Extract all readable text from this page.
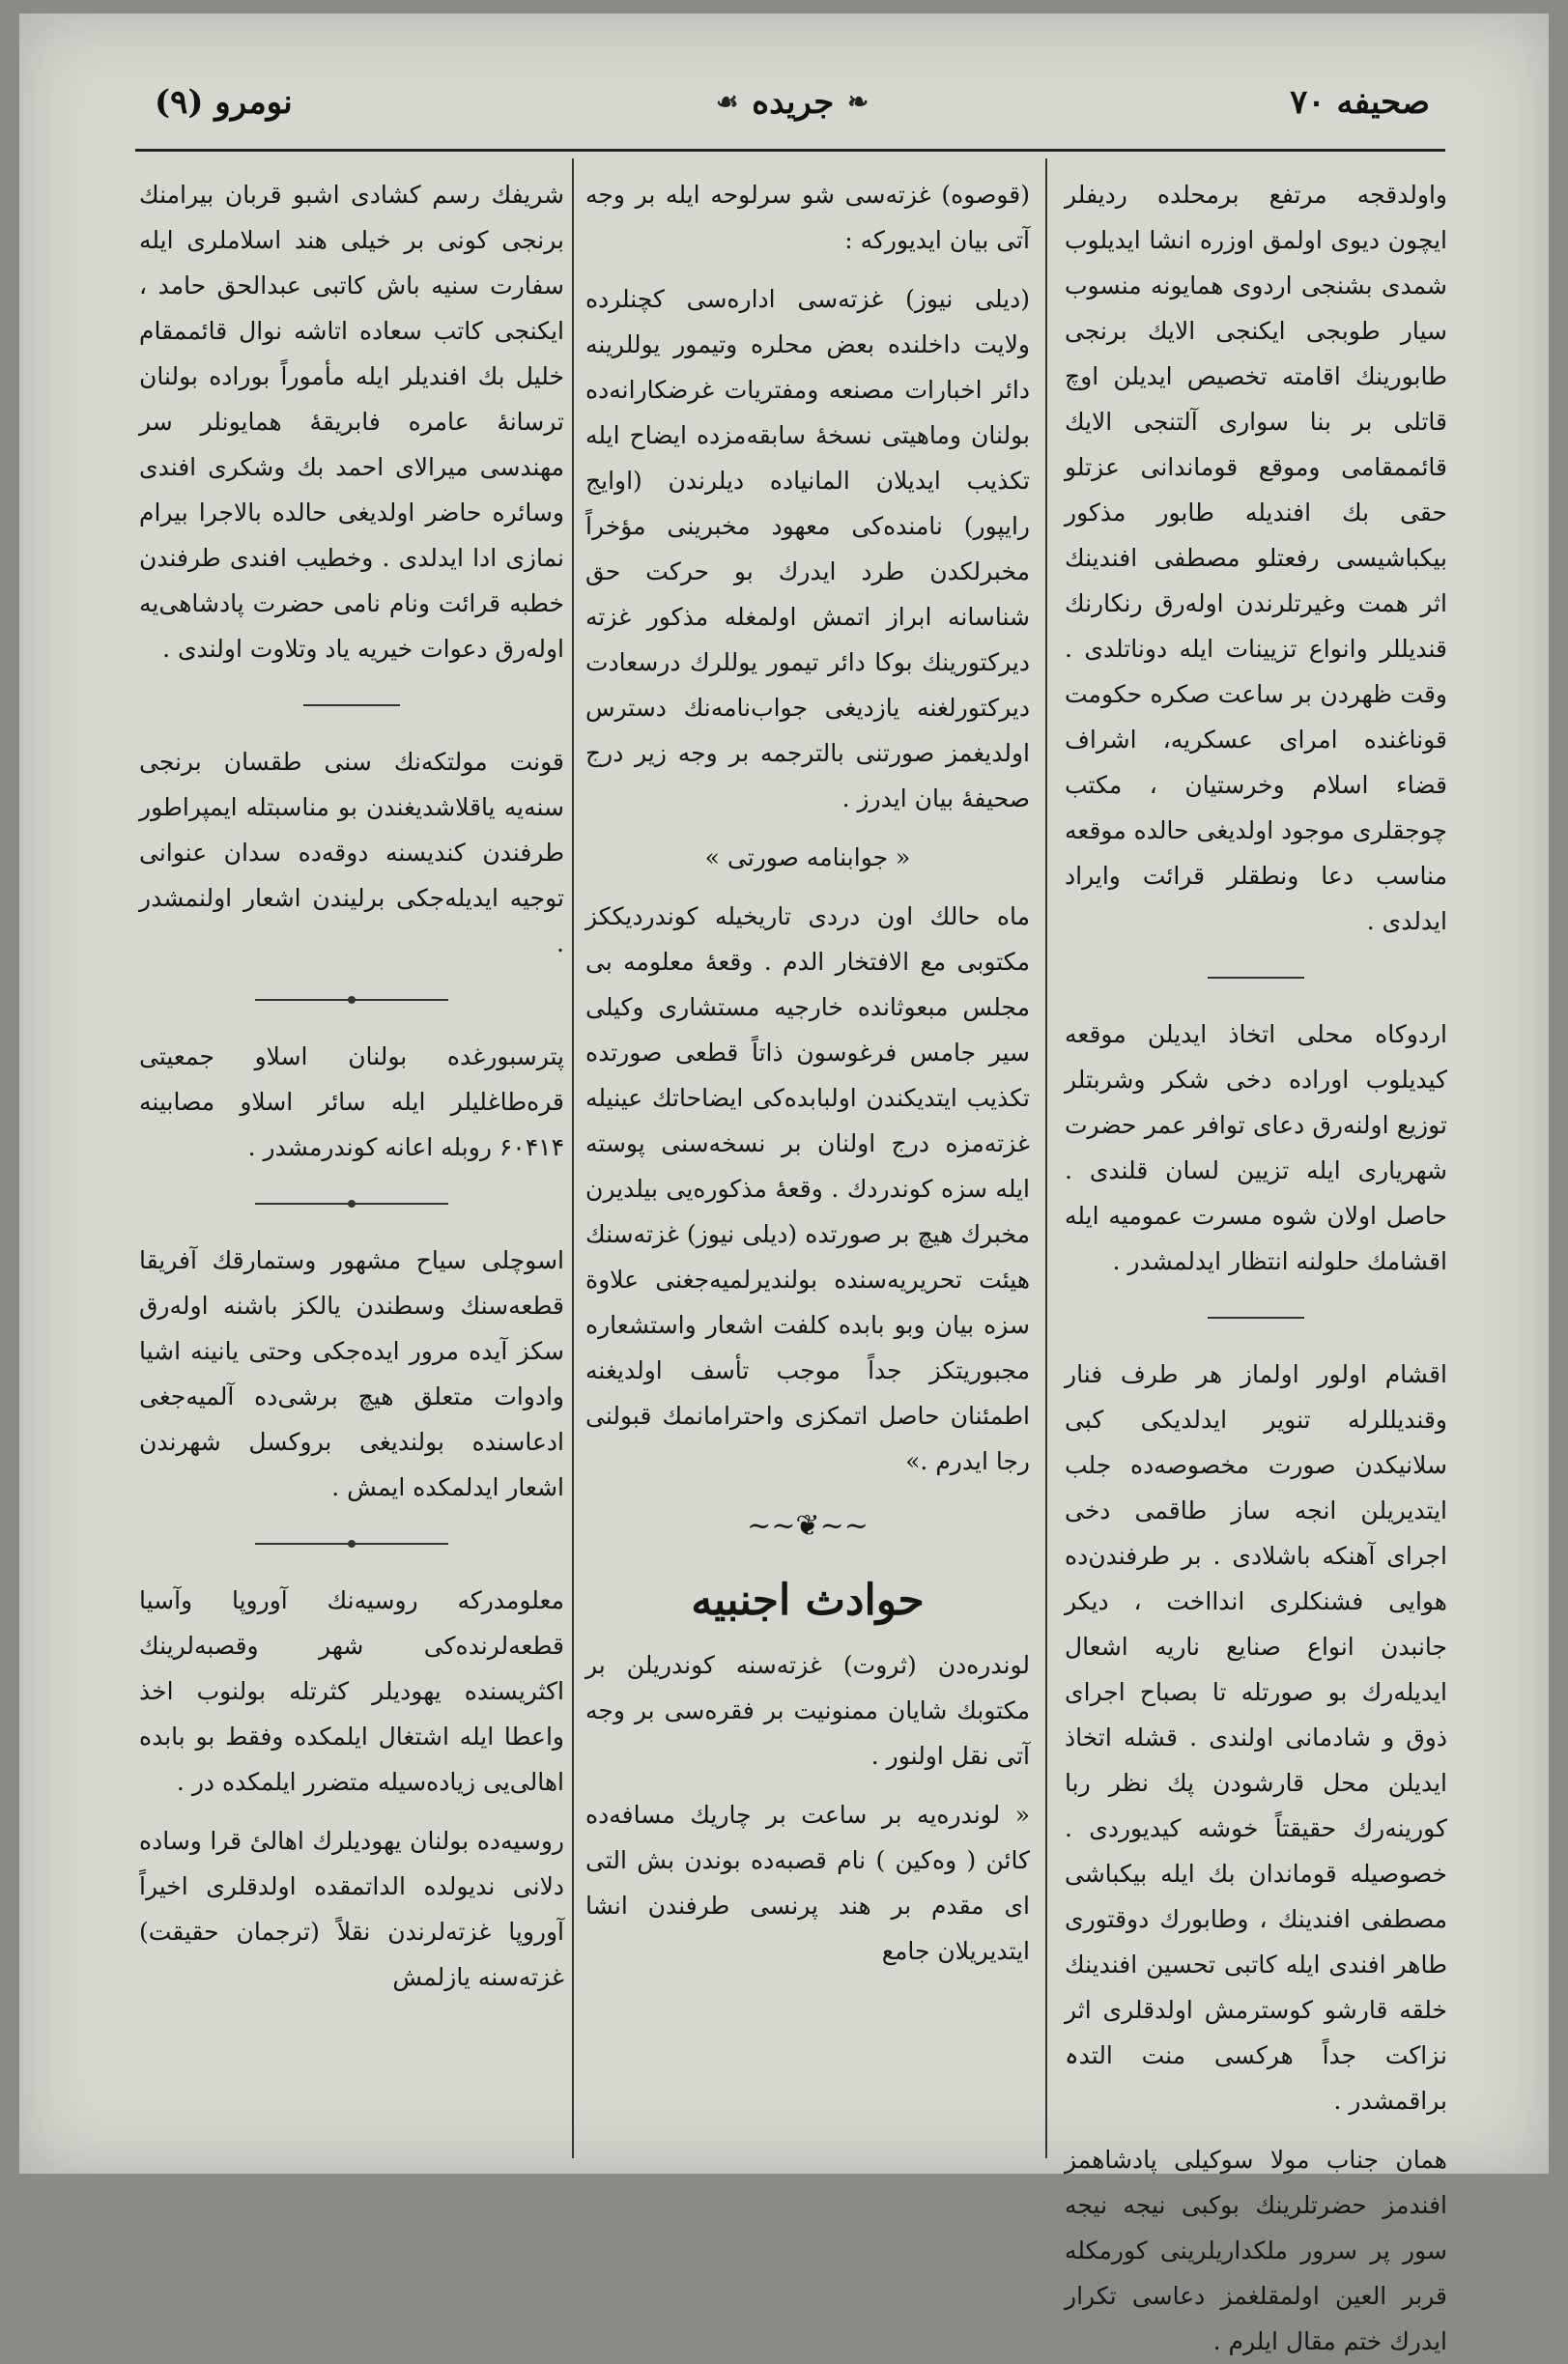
صحیفه ۷۰
❧
جریده
☙
نومرو (۹)

واولدقجه مرتفع برمحلده ردیفلر ایچون دیوی اولمق اوزره انشا ایدیلوب شمدی بشنجی اردوی همایونه منسوب سیار طوبجی ایکنجی الایك برنجی طابورینك اقامته تخصیص ایدیلن اوچ قاتلی بر بنا سواری آلتنجی الایك قائممقامی وموقع قوماندانی عزتلو حقی بك افندیله طابور مذکور بیکباشیسی رفعتلو مصطفی افندینك اثر همت وغیرتلرندن اوله‌رق رنکارنك قندیللر وانواع تزیینات ایله دوناتلدی . وقت ظهردن بر ساعت صکره حکومت قوناغنده امرای عسکریه‌، اشراف قضاء اسلام وخرستیان ، مکتب چوجقلری موجود اولدیغی حالده موقعه مناسب دعا ونطقلر قرائت وایراد ایدلدی .

اردوکاه محلی اتخاذ ایدیلن موقعه کیدیلوب اوراده دخی شکر وشربتلر توزیع اولنه‌رق دعای توافر عمر حضرت شهریاری ایله تزیین لسان قلندی . حاصل اولان شوه مسرت عمومیه ایله اقشامك حلولنه انتظار ایدلمشدر .

اقشام اولور اولماز هر طرف فنار وقندیللرله تنویر ایدلدیکی کبی سلانیکدن صورت مخصوصه‌ده جلب ایتدیریلن انجه ساز طاقمی دخی اجرای آهنکه باشلادی . بر طرفندن‌ده هوایی فشنکلری اندااخت ، دیکر جانبدن انواع صنایع ناریه اشعال ایدیله‌رك بو صورتله تا بصباح اجرای ذوق و شادمانی اولندی . قشله اتخاذ ایدیلن محل قارشودن پك نظر ربا کورینه‌رك حقیقتاً خوشه کیدیوردی . خصوصیله قوماندان بك ایله بیکباشی مصطفی افندینك ، وطابورك دوقتوری طاهر افندی ایله کاتبی تحسین افندینك خلقه قارشو کوسترمش اولدقلری اثر نزاکت جداً هرکسی منت التدہ براقمشدر .

همان جناب مولا سوکیلی پادشاهمز افندمز حضرتلرینك بوکبی نیجه نیجه سور پر سرور ملکداریلرینی کورمکله قربر العین اولمقلغمز دعاسی تکرار ایدرك ختم مقال ایلرم .

(قوصوه) غزته‌سی شو سرلوحه ایله بر وجه آتی بیان ایدیورکه :

(دیلی نیوز) غزته‌سی اداره‌سی کچنلرده ولایت داخلنده بعض محلره وتیمور یوللرینه دائر اخبارات مصنعه ومفتریات غرضکارانه‌ده بولنان وماهیتی نسخه‌ٔ سابقه‌مزده ایضاح ایله تکذیب ایدیلان المانیاده دیلرندن (اوایج رایپور) نامنده‌کی معهود مخبرینی مؤخراً مخبرلکدن طرد ایدرك بو حرکت حق شناسانه ابراز اتمش اولمغله مذکور غزته دیرکتورینك بوکا دائر تیمور یوللرك درسعادت دیرکتورلغنه یازدیغی جواب‌نامه‌نك دسترس اولدیغمز صورتنی بالترجمه بر وجه زیر درج صحیفه‌ٔ بیان ایدرز .

« جوابنامه صورتی »

ماه حالك اون دردی تاریخیله کوندردیککز مکتوبی مع الافتخار الدم . وقعه‌ٔ معلومه بی مجلس مبعوثانده خارجیه مستشاری وکیلی سیر جامس فرغوسون ذاتاً قطعی صورتده تکذیب ایتدیکندن اولبابده‌کی ایضاحاتك عینیله غزته‌مزه درج اولنان بر نسخه‌سنی پوسته ایله سزه کوندردك . وقعه‌ٔ مذکوره‌یی بیلدیرن مخبرك هیچ بر صورتده (دیلی نیوز) غزته‌سنك هیئت تحریریه‌سنده بولندیرلمیه‌جغنی علاوة سزه بیان وبو بابده کلفت اشعار واستشعاره مجبوریتکز جداً موجب تأسف اولدیغنه اطمئنان حاصل اتمکزی واحترامانمك قبولنی رجا ایدرم .»

~~❦~~
حوادث اجنبیه

لوندره‌دن (ثروت) غزته‌سنه کوندریلن بر مکتوبك شایان ممنونیت بر فقره‌سی بر وجه آتی نقل اولنور .

« لوندره‌یه بر ساعت بر چاریك مسافه‌ده کائن ( وه‌کین ) نام قصبه‌ده بوندن بش التی ای مقدم بر هند پرنسی طرفندن انشا ایتدیریلان جامع

شریفك رسم کشادی اشبو قربان بیرامنك برنجی کونی بر خیلی هند اسلاملری ایله سفارت سنیه باش کاتبی عبدالحق حامد ، ایکنجی کاتب سعاده اتاشه نوال قائممقام خلیل بك افندیلر ایله مأموراً بوراده بولنان ترسانه‌ٔ عامره فابریقه‌ٔ همایونلر سر مهندسی میرالای احمد بك وشکری افندی وسائره حاضر اولدیغی حالده بالاجرا بیرام نمازی ادا ایدلدی . وخطیب افندی طرفندن خطبه قرائت ونام نامی حضرت پادشاهی‌یه اوله‌رق دعوات خیریه یاد وتلاوت اولندی .

قونت مولتکه‌نك سنی طقسان برنجی سنه‌یه یاقلاشدیغندن بو مناسبتله ایمپراطور طرفندن کندیسنه دوقه‌ده سدان عنوانی توجیه ایدیله‌جکی برلیندن اشعار اولنمشدر .

پترسبورغده بولنان اسلاو جمعیتی قره‌طاغلیلر ایله سائر اسلاو مصابینه ۶۰۴۱۴ روبله اعانه کوندرمشدر .

اسوچلی سیاح مشهور وستمارقك آفریقا قطعه‌سنك وسطندن یالکز باشنه اوله‌رق سکز آیده مرور ایده‌جکی وحتی یانینه اشیا وادوات متعلق هیچ برشی‌ده آلمیه‌جغی ادعاسنده بولندیغی بروکسل شهرندن اشعار ایدلمکده ایمش .

معلومدرکه روسیه‌نك آوروپا وآسیا قطعه‌لرنده‌کی شهر وقصبه‌لرینك اکثریسنده یهودیلر کثرتله بولنوب اخذ واعطا ایله اشتغال ایلمکده وفقط بو بابده اهالی‌یی زیاده‌سیله متضرر ایلمکده در .

روسیه‌ده بولنان یهودیلرك اهالی‌ٔ قرا وساده دلانی ندیولده الداتمقده اولدقلری اخیراً آوروپا غزته‌لرندن نقلاً (ترجمان حقیقت) غزته‌سنه یازلمش
